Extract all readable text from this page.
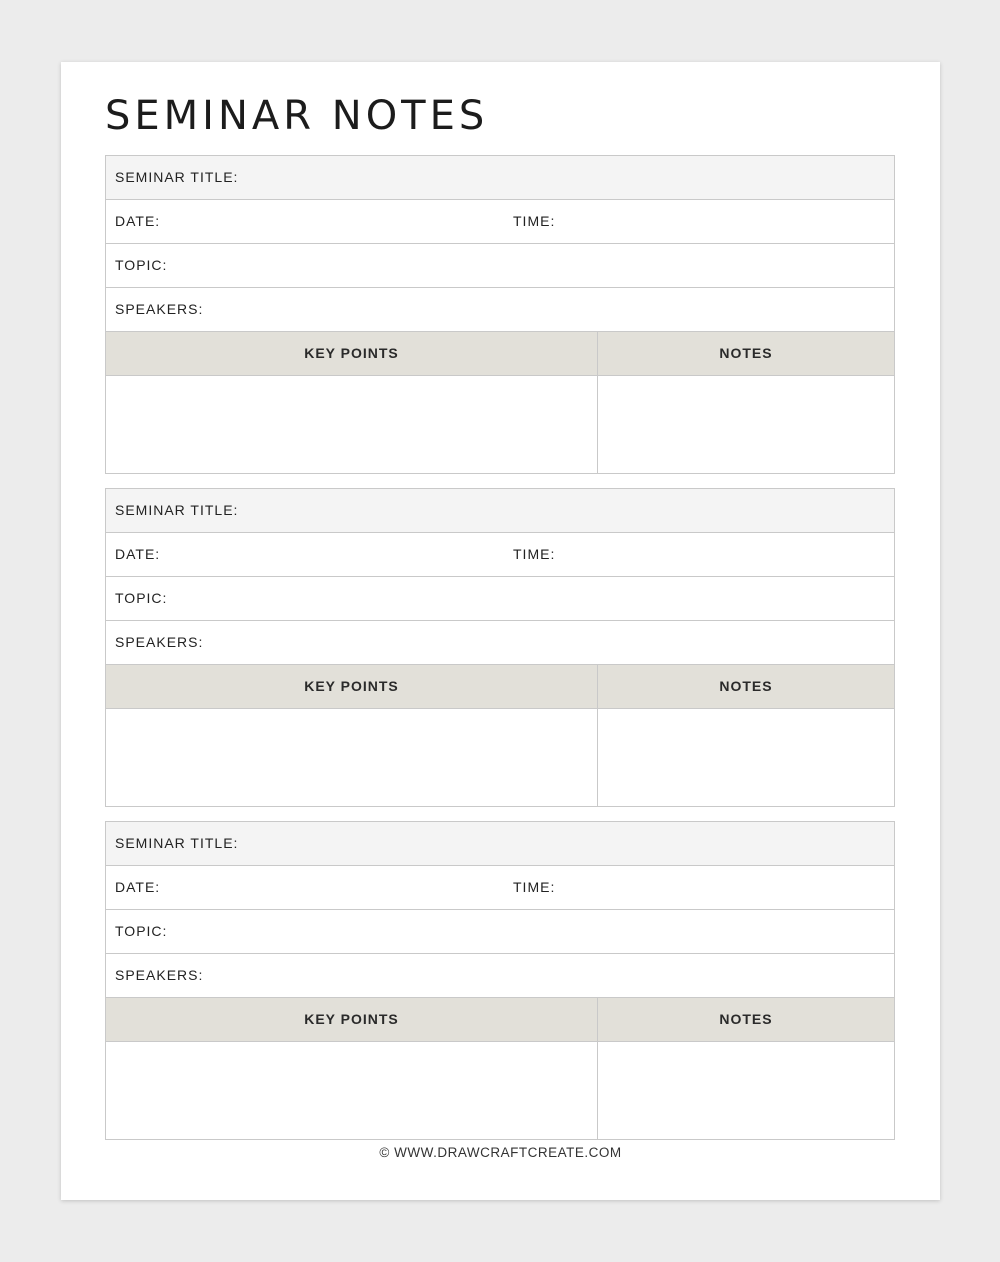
SEMINAR NOTES
SEMINAR TITLE:
DATE:	TIME:
TOPIC:
SPEAKERS:
KEY POINTS	NOTES
SEMINAR TITLE:
DATE:	TIME:
TOPIC:
SPEAKERS:
KEY POINTS	NOTES
SEMINAR TITLE:
DATE:	TIME:
TOPIC:
SPEAKERS:
KEY POINTS	NOTES
© WWW.DRAWCRAFTCREATE.COM
